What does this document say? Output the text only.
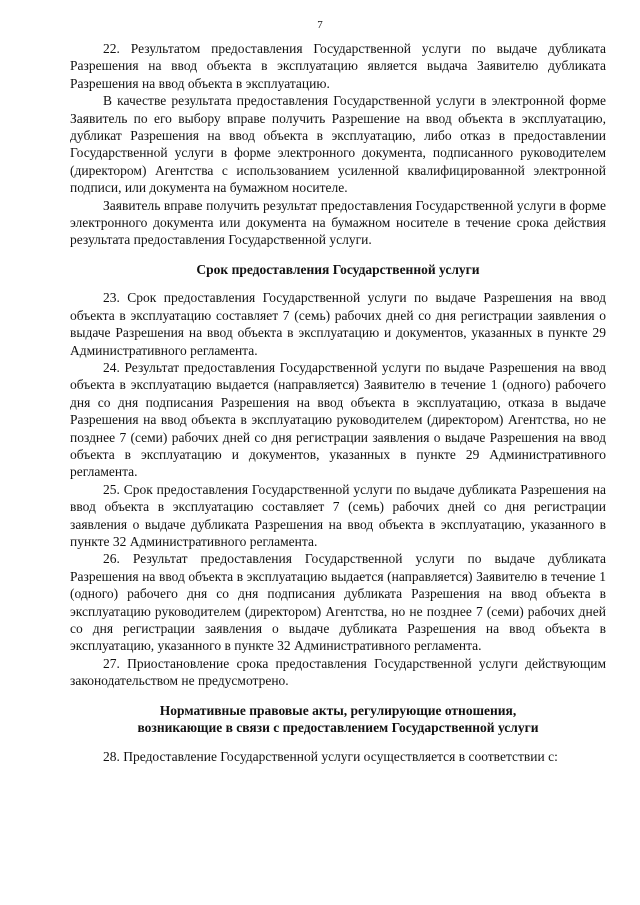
7

22. Результатом предоставления Государственной услуги по выдаче дубликата Разрешения на ввод объекта в эксплуатацию является выдача Заявителю дубликата Разрешения на ввод объекта в эксплуатацию.

В качестве результата предоставления Государственной услуги в электронной форме Заявитель по его выбору вправе получить Разрешение на ввод объекта в эксплуатацию, дубликат Разрешения на ввод объекта в эксплуатацию, либо отказ в предоставлении Государственной услуги в форме электронного документа, подписанного руководителем (директором) Агентства с использованием усиленной квалифицированной электронной подписи, или документа на бумажном носителе.

Заявитель вправе получить результат предоставления Государственной услуги в форме электронного документа или документа на бумажном носителе в течение срока действия результата предоставления Государственной услуги.

Срок предоставления Государственной услуги

23. Срок предоставления Государственной услуги по выдаче Разрешения на ввод объекта в эксплуатацию составляет 7 (семь) рабочих дней со дня регистрации заявления о выдаче Разрешения на ввод объекта в эксплуатацию и документов, указанных в пункте 29 Административного регламента.

24. Результат предоставления Государственной услуги по выдаче Разрешения на ввод объекта в эксплуатацию выдается (направляется) Заявителю в течение 1 (одного) рабочего дня со дня подписания Разрешения на ввод объекта в эксплуатацию, отказа в выдаче Разрешения на ввод объекта в эксплуатацию руководителем (директором) Агентства, но не позднее 7 (семи) рабочих дней со дня регистрации заявления о выдаче Разрешения на ввод объекта в эксплуатацию и документов, указанных в пункте 29 Административного регламента.

25. Срок предоставления Государственной услуги по выдаче дубликата Разрешения на ввод объекта в эксплуатацию составляет 7 (семь) рабочих дней со дня регистрации заявления о выдаче дубликата Разрешения на ввод объекта в эксплуатацию, указанного в пункте 32 Административного регламента.

26. Результат предоставления Государственной услуги по выдаче дубликата Разрешения на ввод объекта в эксплуатацию выдается (направляется) Заявителю в течение 1 (одного) рабочего дня со дня подписания дубликата Разрешения на ввод объекта в эксплуатацию руководителем (директором) Агентства, но не позднее 7 (семи) рабочих дней со дня регистрации заявления о выдаче дубликата Разрешения на ввод объекта в эксплуатацию, указанного в пункте 32 Административного регламента.

27. Приостановление срока предоставления Государственной услуги действующим законодательством не предусмотрено.

Нормативные правовые акты, регулирующие отношения,
возникающие в связи с предоставлением Государственной услуги

28. Предоставление Государственной услуги осуществляется в соответствии с:
